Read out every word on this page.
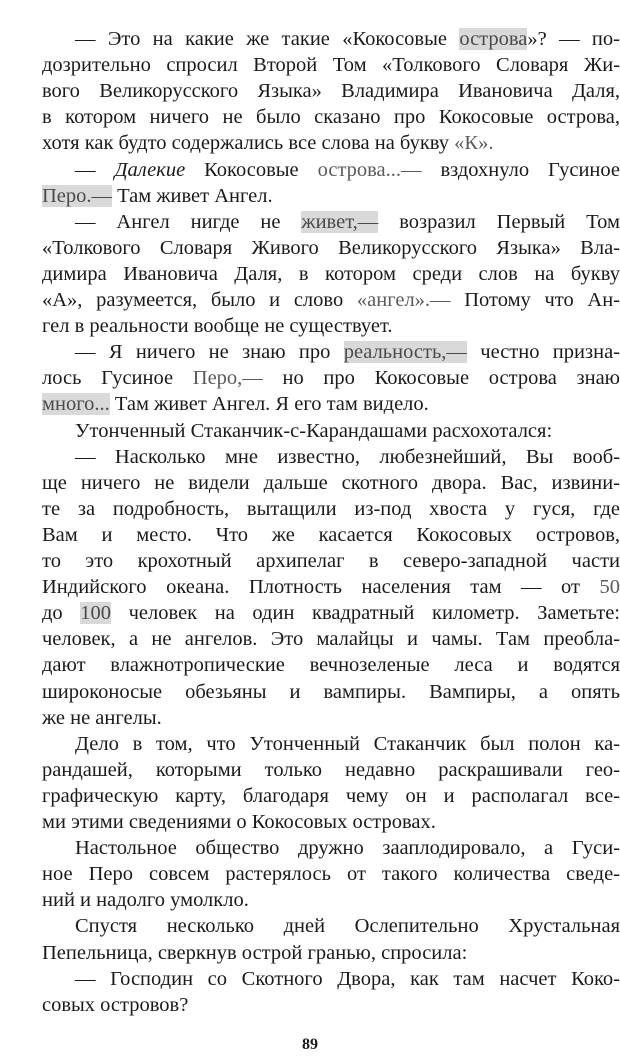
— Это на какие же такие «Кокосовые острова»? — по-
дозрительно спросил Второй Том «Толкового Словаря Жи-
вого Великорусского Языка» Владимира Ивановича Даля,
в котором ничего не было сказано про Кокосовые острова,
хотя как будто содержались все слова на букву «К».
— Далекие Кокосовые острова...— вздохнуло Гусиное
Перо.— Там живет Ангел.
— Ангел нигде не живет,— возразил Первый Том
«Толкового Словаря Живого Великорусского Языка» Вла-
димира Ивановича Даля, в котором среди слов на букву
«А», разумеется, было и слово «ангел».— Потому что Ан-
гел в реальности вообще не существует.
— Я ничего не знаю про реальность,— честно призна-
лось Гусиное Перо,— но про Кокосовые острова знаю
много... Там живет Ангел. Я его там видело.
Утонченный Стаканчик-с-Карандашами расхохотался:
— Насколько мне известно, любезнейший, Вы вооб-
ще ничего не видели дальше скотного двора. Вас, извини-
те за подробность, вытащили из-под хвоста у гуся, где
Вам и место. Что же касается Кокосовых островов,
то это крохотный архипелаг в северо-западной части
Индийского океана. Плотность населения там — от 50
до 100 человек на один квадратный километр. Заметьте:
человек, а не ангелов. Это малайцы и чамы. Там преобла-
дают влажнотропические вечнозеленые леса и водятся
широконосые обезьяны и вампиры. Вампиры, а опять
же не ангелы.
Дело в том, что Утонченный Стаканчик был полон ка-
рандашей, которыми только недавно раскрашивали гео-
графическую карту, благодаря чему он и располагал все-
ми этими сведениями о Кокосовых островах.
Настольное общество дружно зааплодировало, а Гуси-
ное Перо совсем растерялось от такого количества сведе-
ний и надолго умолкло.
Спустя несколько дней Ослепительно Хрустальная
Пепельница, сверкнув острой гранью, спросила:
— Господин со Скотного Двора, как там насчет Коко-
совых островов?
89
